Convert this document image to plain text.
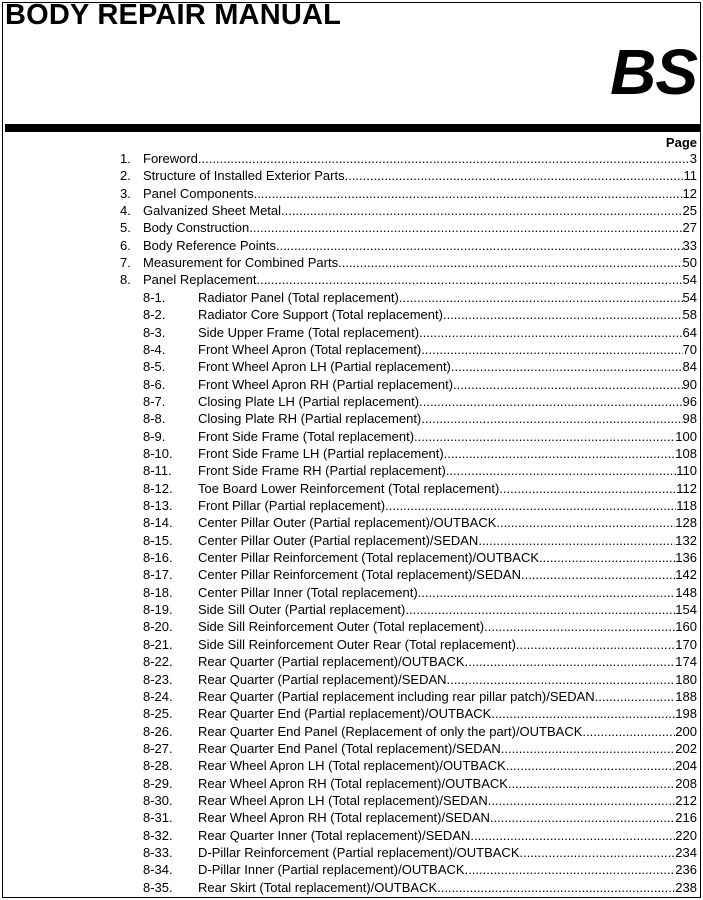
BODY REPAIR MANUAL
BS
Page
1. Foreword .....	3
2. Structure of Installed Exterior Parts .....	11
3. Panel Components .....	12
4. Galvanized Sheet Metal .....	25
5. Body Construction .....	27
6. Body Reference Points .....	33
7. Measurement for Combined Parts .....	50
8. Panel Replacement .....	54
8-1.	Radiator Panel (Total replacement) .....	54
8-2.	Radiator Core Support (Total replacement) .....	58
8-3.	Side Upper Frame (Total replacement) .....	64
8-4.	Front Wheel Apron (Total replacement) .....	70
8-5.	Front Wheel Apron LH (Partial replacement) .....	84
8-6.	Front Wheel Apron RH (Partial replacement) .....	90
8-7.	Closing Plate LH (Partial replacement) .....	96
8-8.	Closing Plate RH (Partial replacement) .....	98
8-9.	Front Side Frame (Total replacement) .....	100
8-10. Front Side Frame LH (Partial replacement) .....	108
8-11. Front Side Frame RH (Partial replacement) .....	110
8-12. Toe Board Lower Reinforcement (Total replacement) .....	112
8-13. Front Pillar (Partial replacement) .....	118
8-14. Center Pillar Outer (Partial replacement)/OUTBACK .....	128
8-15. Center Pillar Outer (Partial replacement)/SEDAN .....	132
8-16. Center Pillar Reinforcement (Total replacement)/OUTBACK .....	136
8-17. Center Pillar Reinforcement (Total replacement)/SEDAN .....	142
8-18. Center Pillar Inner (Total replacement) .....	148
8-19. Side Sill Outer (Partial replacement) .....	154
8-20. Side Sill Reinforcement Outer (Total replacement) .....	160
8-21. Side Sill Reinforcement Outer Rear (Total replacement) .....	170
8-22. Rear Quarter (Partial replacement)/OUTBACK .....	174
8-23. Rear Quarter (Partial replacement)/SEDAN .....	180
8-24. Rear Quarter (Partial replacement including rear pillar patch)/SEDAN .....	188
8-25. Rear Quarter End (Partial replacement)/OUTBACK .....	198
8-26. Rear Quarter End Panel (Replacement of only the part)/OUTBACK .....	200
8-27. Rear Quarter End Panel (Total replacement)/SEDAN .....	202
8-28. Rear Wheel Apron LH (Total replacement)/OUTBACK .....	204
8-29. Rear Wheel Apron RH (Total replacement)/OUTBACK .....	208
8-30. Rear Wheel Apron LH (Total replacement)/SEDAN .....	212
8-31. Rear Wheel Apron RH (Total replacement)/SEDAN .....	216
8-32. Rear Quarter Inner (Total replacement)/SEDAN .....	220
8-33. D-Pillar Reinforcement (Partial replacement)/OUTBACK .....	234
8-34. D-Pillar Inner (Partial replacement)/OUTBACK .....	236
8-35. Rear Skirt (Total replacement)/OUTBACK .....	238
